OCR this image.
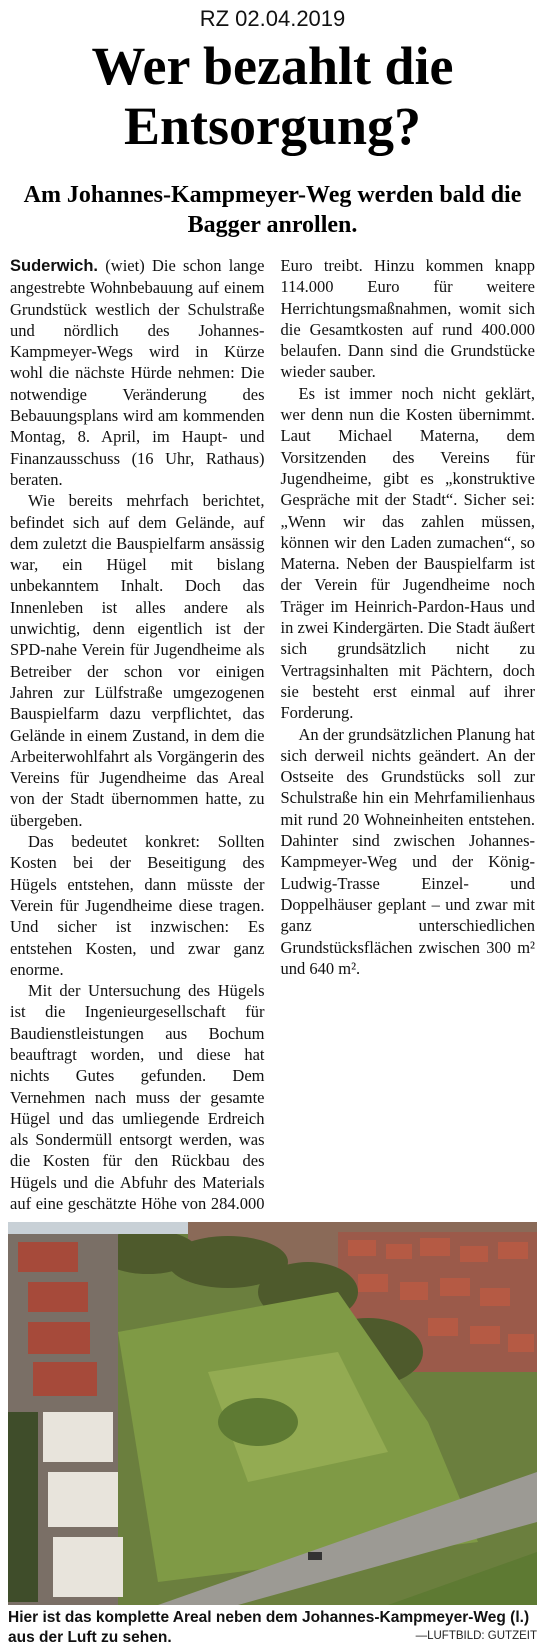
RZ 02.04.2019
Wer bezahlt die Entsorgung?
Am Johannes-Kampmeyer-Weg werden bald die Bagger anrollen.

Suderwich. (wiet) Die schon lange angestrebte Wohnbebauung auf einem Grundstück westlich der Schulstraße und nördlich des Johannes-Kampmeyer-Wegs wird in Kürze wohl die nächste Hürde nehmen: Die notwendige Veränderung des Bebauungsplans wird am kommenden Montag, 8. April, im Haupt- und Finanzausschuss (16 Uhr, Rathaus) beraten.

Wie bereits mehrfach berichtet, befindet sich auf dem Gelände, auf dem zuletzt die Bauspielfarm ansässig war, ein Hügel mit bislang unbekanntem Inhalt. Doch das Innenleben ist alles andere als unwichtig, denn eigentlich ist der SPD-nahe Verein für Jugendheime als Betreiber der schon vor einigen Jahren zur Lülfstraße umgezogenen Bauspielfarm dazu verpflichtet, das Gelände in einem Zustand, in dem die Arbeiterwohlfahrt als Vorgängerin des Vereins für Jugendheime das Areal von der Stadt übernommen hatte, zu übergeben.

Das bedeutet konkret: Sollten Kosten bei der Beseitigung des Hügels entstehen, dann müsste der Verein für Jugendheime diese tragen. Und sicher ist inzwischen: Es entstehen Kosten, und zwar ganz enorme.

Mit der Untersuchung des Hügels ist die Ingenieurgesellschaft für Baudienstleistungen aus Bochum beauftragt worden, und diese hat nichts Gutes gefunden. Dem Vernehmen nach muss der gesamte Hügel und das umliegende Erdreich als Sondermüll entsorgt werden, was die Kosten für den Rückbau des Hügels und die Abfuhr des Materials auf eine geschätzte Höhe von 284.000 Euro treibt. Hinzu kommen knapp 114.000 Euro für weitere Herrichtungsmaßnahmen, womit sich die Gesamtkosten auf rund 400.000 belaufen. Dann sind die Grundstücke wieder sauber.

Es ist immer noch nicht geklärt, wer denn nun die Kosten übernimmt. Laut Michael Materna, dem Vorsitzenden des Vereins für Jugendheime, gibt es „konstruktive Gespräche mit der Stadt“. Sicher sei: „Wenn wir das zahlen müssen, können wir den Laden zumachen“, so Materna. Neben der Bauspielfarm ist der Verein für Jugendheime noch Träger im Heinrich-Pardon-Haus und in zwei Kindergärten. Die Stadt äußert sich grundsätzlich nicht zu Vertragsinhalten mit Pächtern, doch sie besteht erst einmal auf ihrer Forderung.

An der grundsätzlichen Planung hat sich derweil nichts geändert. An der Ostseite des Grundstücks soll zur Schulstraße hin ein Mehrfamilienhaus mit rund 20 Wohneinheiten entstehen. Dahinter sind zwischen Johannes-Kampmeyer-Weg und der König-Ludwig-Trasse Einzel- und Doppelhäuser geplant – und zwar mit ganz unterschiedlichen Grundstücksflächen zwischen 300 m² und 640 m².

Hier ist das komplette Areal neben dem Johannes-Kampmeyer-Weg (l.) aus der Luft zu sehen.	—LUFTBILD: GUTZEIT
